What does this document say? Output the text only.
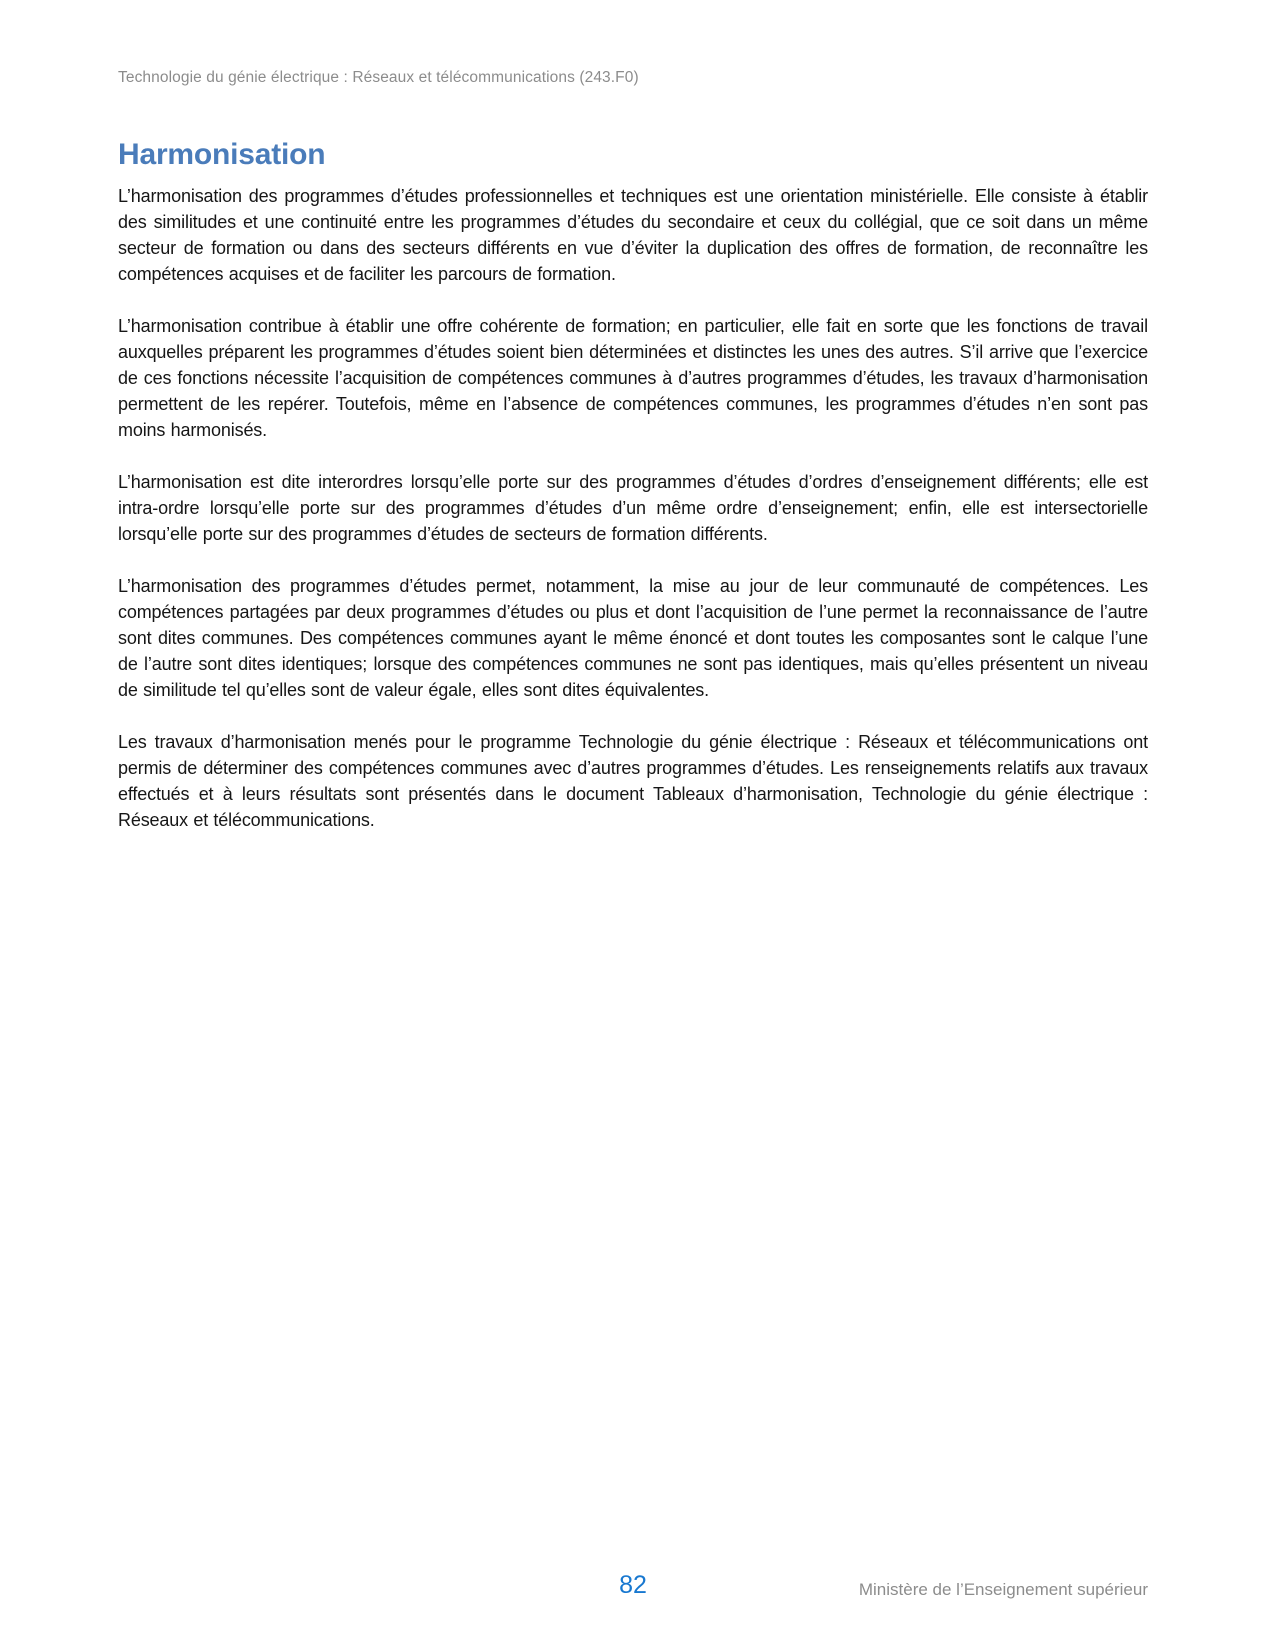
Technologie du génie électrique : Réseaux et télécommunications (243.F0)
Harmonisation

L’harmonisation des programmes d’études professionnelles et techniques est une orientation ministérielle. Elle consiste à établir des similitudes et une continuité entre les programmes d’études du secondaire et ceux du collégial, que ce soit dans un même secteur de formation ou dans des secteurs différents en vue d’éviter la duplication des offres de formation, de reconnaître les compétences acquises et de faciliter les parcours de formation.

L’harmonisation contribue à établir une offre cohérente de formation; en particulier, elle fait en sorte que les fonctions de travail auxquelles préparent les programmes d’études soient bien déterminées et distinctes les unes des autres. S’il arrive que l’exercice de ces fonctions nécessite l’acquisition de compétences communes à d’autres programmes d’études, les travaux d’harmonisation permettent de les repérer. Toutefois, même en l’absence de compétences communes, les programmes d’études n’en sont pas moins harmonisés.

L’harmonisation est dite interordres lorsqu’elle porte sur des programmes d’études d’ordres d’enseignement différents; elle est intra-ordre lorsqu’elle porte sur des programmes d’études d’un même ordre d’enseignement; enfin, elle est intersectorielle lorsqu’elle porte sur des programmes d’études de secteurs de formation différents.

L’harmonisation des programmes d’études permet, notamment, la mise au jour de leur communauté de compétences. Les compétences partagées par deux programmes d’études ou plus et dont l’acquisition de l’une permet la reconnaissance de l’autre sont dites communes. Des compétences communes ayant le même énoncé et dont toutes les composantes sont le calque l’une de l’autre sont dites identiques; lorsque des compétences communes ne sont pas identiques, mais qu’elles présentent un niveau de similitude tel qu’elles sont de valeur égale, elles sont dites équivalentes.

Les travaux d’harmonisation menés pour le programme Technologie du génie électrique : Réseaux et télécommunications ont permis de déterminer des compétences communes avec d’autres programmes d’études. Les renseignements relatifs aux travaux effectués et à leurs résultats sont présentés dans le document Tableaux d’harmonisation, Technologie du génie électrique : Réseaux et télécommunications.

82	Ministère de l’Enseignement supérieur
